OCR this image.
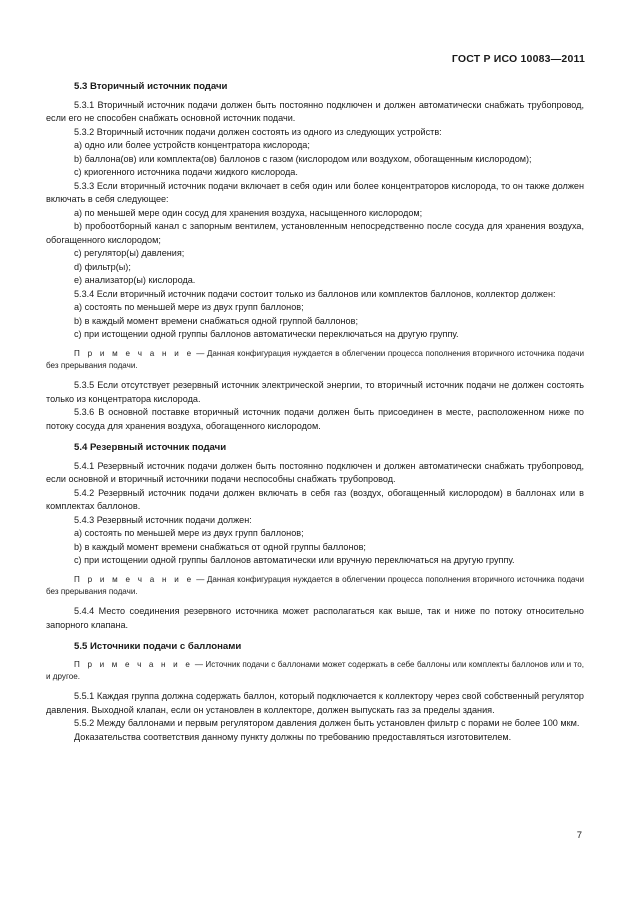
ГОСТ Р ИСО 10083—2011

5.3 Вторичный источник подачи

5.3.1 Вторичный источник подачи должен быть постоянно подключен и должен автоматически снабжать трубопровод, если его не способен снабжать основной источник подачи.

5.3.2 Вторичный источник подачи должен состоять из одного из следующих устройств:

a) одно или более устройств концентратора кислорода;

b) баллона(ов) или комплекта(ов) баллонов с газом (кислородом или воздухом, обогащенным кислородом);

c) криогенного источника подачи жидкого кислорода.

5.3.3 Если вторичный источник подачи включает в себя один или более концентраторов кислорода, то он также должен включать в себя следующее:

a) по меньшей мере один сосуд для хранения воздуха, насыщенного кислородом;

b) пробоотборный канал с запорным вентилем, установленным непосредственно после сосуда для хранения воздуха, обогащенного кислородом;

c) регулятор(ы) давления;

d) фильтр(ы);

e) анализатор(ы) кислорода.

5.3.4 Если вторичный источник подачи состоит только из баллонов или комплектов баллонов, коллектор должен:

a) состоять по меньшей мере из двух групп баллонов;

b) в каждый момент времени снабжаться одной группой баллонов;

c) при истощении одной группы баллонов автоматически переключаться на другую группу.

П р и м е ч а н и е — Данная конфигурация нуждается в облегчении процесса пополнения вторичного источника подачи без прерывания подачи.

5.3.5 Если отсутствует резервный источник электрической энергии, то вторичный источник подачи не должен состоять только из концентратора кислорода.

5.3.6 В основной поставке вторичный источник подачи должен быть присоединен в месте, расположенном ниже по потоку сосуда для хранения воздуха, обогащенного кислородом.

5.4 Резервный источник подачи

5.4.1 Резервный источник подачи должен быть постоянно подключен и должен автоматически снабжать трубопровод, если основной и вторичный источники подачи неспособны снабжать трубопровод.

5.4.2 Резервный источник подачи должен включать в себя газ (воздух, обогащенный кислородом) в баллонах или в комплектах баллонов.

5.4.3 Резервный источник подачи должен:

a) состоять по меньшей мере из двух групп баллонов;

b) в каждый момент времени снабжаться от одной группы баллонов;

c) при истощении одной группы баллонов автоматически или вручную переключаться на другую группу.

П р и м е ч а н и е — Данная конфигурация нуждается в облегчении процесса пополнения вторичного источника подачи без прерывания подачи.

5.4.4 Место соединения резервного источника может располагаться как выше, так и ниже по потоку относительно запорного клапана.

5.5 Источники подачи с баллонами

П р и м е ч а н и е — Источник подачи с баллонами может содержать в себе баллоны или комплекты баллонов или и то, и другое.

5.5.1 Каждая группа должна содержать баллон, который подключается к коллектору через свой собственный регулятор давления. Выходной клапан, если он установлен в коллекторе, должен выпускать газ за пределы здания.

5.5.2 Между баллонами и первым регулятором давления должен быть установлен фильтр с порами не более 100 мкм.

Доказательства соответствия данному пункту должны по требованию предоставляться изготовителем.

7
